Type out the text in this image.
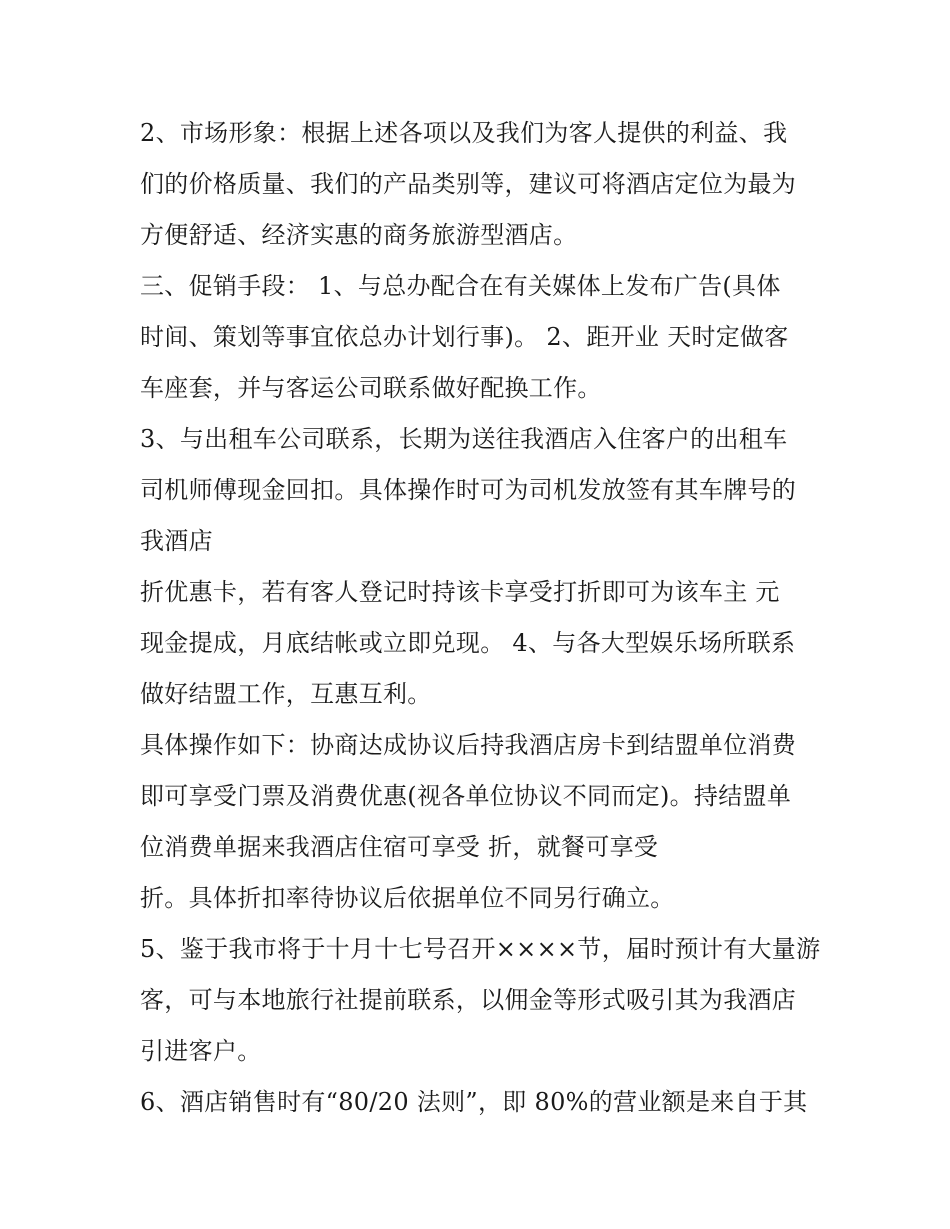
2、市场形象：根据上述各项以及我们为客人提供的利益、我
们的价格质量、我们的产品类别等，建议可将酒店定位为最为
方便舒适、经济实惠的商务旅游型酒店。
三、促销手段： 1、与总办配合在有关媒体上发布广告(具体
时间、策划等事宜依总办计划行事)。 2、距开业 天时定做客
车座套，并与客运公司联系做好配换工作。
3、与出租车公司联系，长期为送往我酒店入住客户的出租车
司机师傅现金回扣。具体操作时可为司机发放签有其车牌号的
我酒店
折优惠卡，若有客人登记时持该卡享受打折即可为该车主 元
现金提成，月底结帐或立即兑现。 4、与各大型娱乐场所联系
做好结盟工作，互惠互利。
具体操作如下：协商达成协议后持我酒店房卡到结盟单位消费
即可享受门票及消费优惠(视各单位协议不同而定)。持结盟单
位消费单据来我酒店住宿可享受 折，就餐可享受
折。具体折扣率待协议后依据单位不同另行确立。
5、鉴于我市将于十月十七号召开××××节，届时预计有大量游
客，可与本地旅行社提前联系，以佣金等形式吸引其为我酒店
引进客户。
6、酒店销售时有“80/20 法则”，即 80%的营业额是来自于其
